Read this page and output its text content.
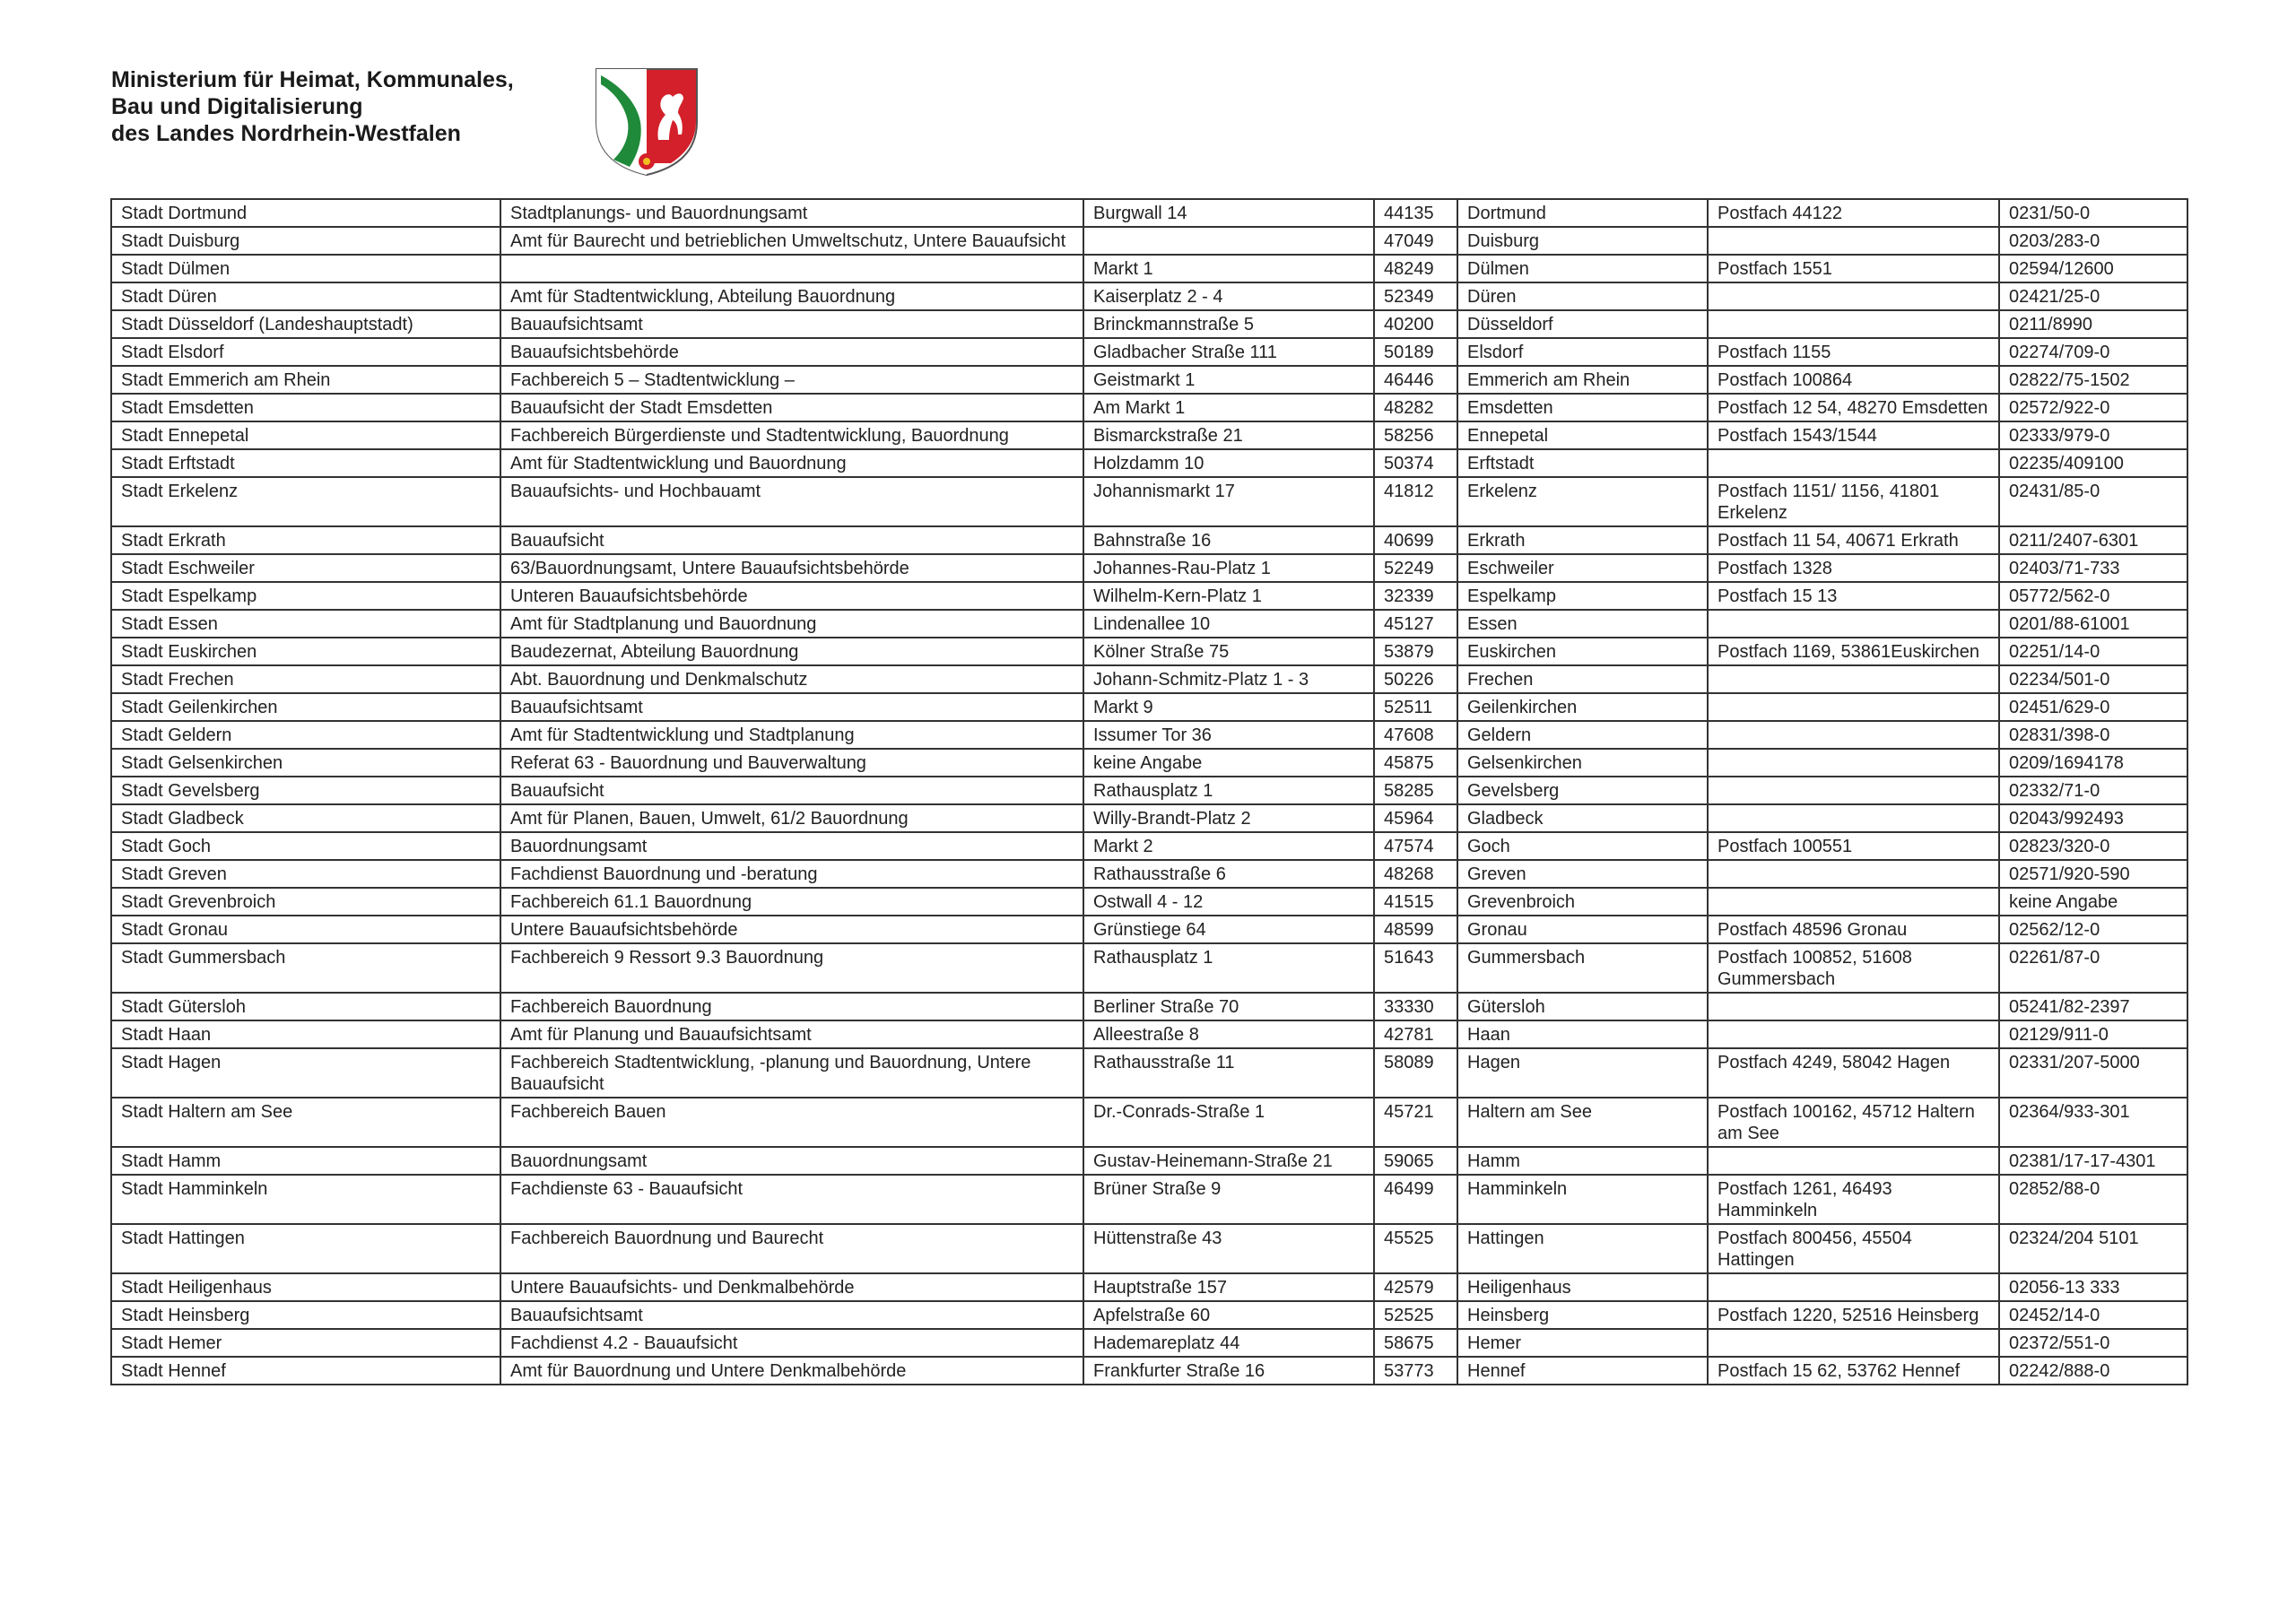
Ministerium für Heimat, Kommunales,
Bau und Digitalisierung
des Landes Nordrhein-Westfalen
Stadt Dortmund	Stadtplanungs- und Bauordnungsamt	Burgwall 14	44135	Dortmund	Postfach 44122	0231/50-0
Stadt Duisburg	Amt für Baurecht und betrieblichen Umweltschutz, Untere Bauaufsicht		47049	Duisburg		0203/283-0
Stadt Dülmen		Markt 1	48249	Dülmen	Postfach 1551	02594/12600
Stadt Düren	Amt für Stadtentwicklung, Abteilung Bauordnung	Kaiserplatz 2 - 4	52349	Düren		02421/25-0
Stadt Düsseldorf (Landeshauptstadt)	Bauaufsichtsamt	Brinckmannstraße 5	40200	Düsseldorf		0211/8990
Stadt Elsdorf	Bauaufsichtsbehörde	Gladbacher Straße 111	50189	Elsdorf	Postfach 1155	02274/709-0
Stadt Emmerich am Rhein	Fachbereich 5 – Stadtentwicklung –	Geistmarkt 1	46446	Emmerich am Rhein	Postfach 100864	02822/75-1502
Stadt Emsdetten	Bauaufsicht der Stadt Emsdetten	Am Markt 1	48282	Emsdetten	Postfach 12 54, 48270 Emsdetten	02572/922-0
Stadt Ennepetal	Fachbereich Bürgerdienste und Stadtentwicklung, Bauordnung	Bismarckstraße 21	58256	Ennepetal	Postfach 1543/1544	02333/979-0
Stadt Erftstadt	Amt für Stadtentwicklung und Bauordnung	Holzdamm 10	50374	Erftstadt		02235/409100
Stadt Erkelenz	Bauaufsichts- und Hochbauamt	Johannismarkt 17	41812	Erkelenz	Postfach 1151/ 1156, 41801 Erkelenz	02431/85-0
Stadt Erkrath	Bauaufsicht	Bahnstraße 16	40699	Erkrath	Postfach 11 54, 40671 Erkrath	0211/2407-6301
Stadt Eschweiler	63/Bauordnungsamt, Untere Bauaufsichtsbehörde	Johannes-Rau-Platz 1	52249	Eschweiler	Postfach 1328	02403/71-733
Stadt Espelkamp	Unteren Bauaufsichtsbehörde	Wilhelm-Kern-Platz 1	32339	Espelkamp	Postfach 15 13	05772/562-0
Stadt Essen	Amt für Stadtplanung und Bauordnung	Lindenallee 10	45127	Essen		0201/88-61001
Stadt Euskirchen	Baudezernat, Abteilung Bauordnung	Kölner Straße 75	53879	Euskirchen	Postfach 1169, 53861Euskirchen	02251/14-0
Stadt Frechen	Abt. Bauordnung und Denkmalschutz	Johann-Schmitz-Platz 1 - 3	50226	Frechen		02234/501-0
Stadt Geilenkirchen	Bauaufsichtsamt	Markt 9	52511	Geilenkirchen		02451/629-0
Stadt Geldern	Amt für Stadtentwicklung und Stadtplanung	Issumer Tor 36	47608	Geldern		02831/398-0
Stadt Gelsenkirchen	Referat 63 - Bauordnung und Bauverwaltung	keine Angabe	45875	Gelsenkirchen		0209/1694178
Stadt Gevelsberg	Bauaufsicht	Rathausplatz 1	58285	Gevelsberg		02332/71-0
Stadt Gladbeck	Amt für Planen, Bauen, Umwelt, 61/2 Bauordnung	Willy-Brandt-Platz 2	45964	Gladbeck		02043/992493
Stadt Goch	Bauordnungsamt	Markt 2	47574	Goch	Postfach 100551	02823/320-0
Stadt Greven	Fachdienst Bauordnung und -beratung	Rathausstraße 6	48268	Greven		02571/920-590
Stadt Grevenbroich	Fachbereich 61.1 Bauordnung	Ostwall 4 - 12	41515	Grevenbroich		keine Angabe
Stadt Gronau	Untere Bauaufsichtsbehörde	Grünstiege 64	48599	Gronau	Postfach 48596 Gronau	02562/12-0
Stadt Gummersbach	Fachbereich 9 Ressort 9.3 Bauordnung	Rathausplatz 1	51643	Gummersbach	Postfach 100852, 51608 Gummersbach	02261/87-0
Stadt Gütersloh	Fachbereich Bauordnung	Berliner Straße 70	33330	Gütersloh		05241/82-2397
Stadt Haan	Amt für Planung und Bauaufsichtsamt	Alleestraße 8	42781	Haan		02129/911-0
Stadt Hagen	Fachbereich Stadtentwicklung, -planung und Bauordnung, Untere Bauaufsicht	Rathausstraße 11	58089	Hagen	Postfach 4249, 58042 Hagen	02331/207-5000
Stadt Haltern am See	Fachbereich Bauen	Dr.-Conrads-Straße 1	45721	Haltern am See	Postfach 100162, 45712 Haltern am See	02364/933-301
Stadt Hamm	Bauordnungsamt	Gustav-Heinemann-Straße 21	59065	Hamm		02381/17-17-4301
Stadt Hamminkeln	Fachdienste 63 - Bauaufsicht	Brüner Straße 9	46499	Hamminkeln	Postfach 1261, 46493 Hamminkeln	02852/88-0
Stadt Hattingen	Fachbereich Bauordnung und Baurecht	Hüttenstraße 43	45525	Hattingen	Postfach 800456, 45504 Hattingen	02324/204 5101
Stadt Heiligenhaus	Untere Bauaufsichts- und Denkmalbehörde	Hauptstraße 157	42579	Heiligenhaus		02056-13 333
Stadt Heinsberg	Bauaufsichtsamt	Apfelstraße 60	52525	Heinsberg	Postfach 1220, 52516 Heinsberg	02452/14-0
Stadt Hemer	Fachdienst 4.2 - Bauaufsicht	Hademareplatz 44	58675	Hemer		02372/551-0
Stadt Hennef	Amt für Bauordnung und Untere Denkmalbehörde	Frankfurter Straße 16	53773	Hennef	Postfach 15 62, 53762 Hennef	02242/888-0
